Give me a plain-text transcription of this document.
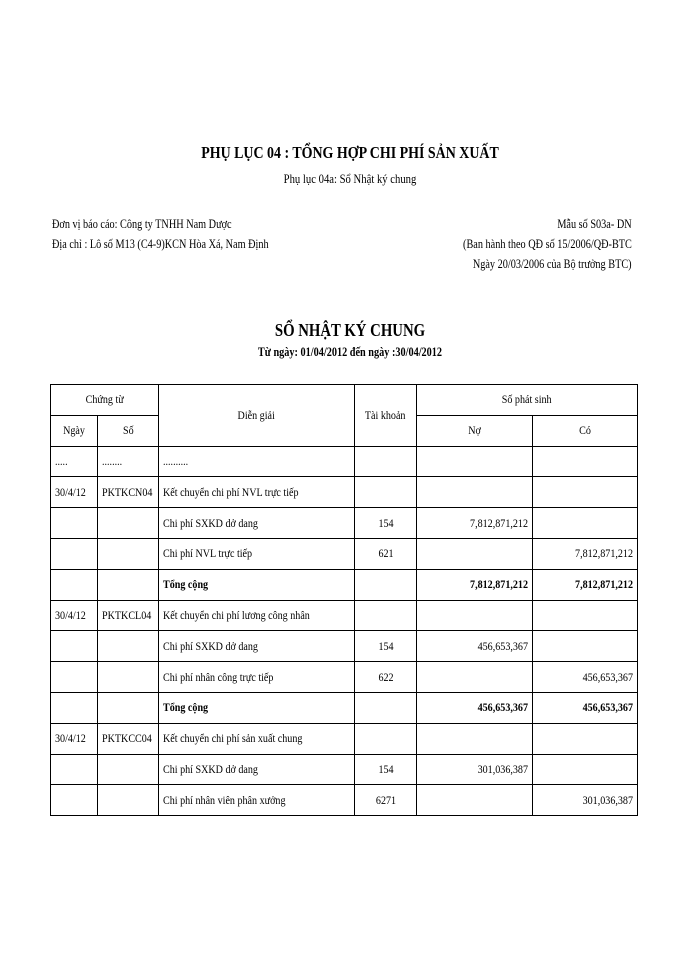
PHỤ LỤC 04 : TỔNG HỢP CHI PHÍ SẢN XUẤT
Phụ lục 04a: Sổ Nhật ký chung
Đơn vị báo cáo: Công ty TNHH Nam Dược
Địa chỉ : Lô số M13 (C4-9)KCN Hòa Xá, Nam Định
Mẫu số S03a- DN
(Ban hành theo QĐ số 15/2006/QĐ-BTC
Ngày 20/03/2006 của Bộ trưởng BTC)
SỔ NHẬT KÝ CHUNG
Từ ngày: 01/04/2012 đến ngày :30/04/2012
Chứng từ		Diễn giải	Tài khoản	Số phát sinh	
Ngày	Số			Nợ	Có
.....	........	..........			
30/4/12	PKTKCN04	Kết chuyển chi phí NVL trực tiếp			
		Chi phí SXKD dở dang	154	7,812,871,212	
		Chi phí NVL trực tiếp	621		7,812,871,212
		Tổng cộng		7,812,871,212	7,812,871,212
30/4/12	PKTKCL04	Kết chuyển chi phí lương công nhân			
		Chi phí SXKD dở dang	154	456,653,367	
		Chi phí nhân công trực tiếp	622		456,653,367
		Tổng cộng		456,653,367	456,653,367
30/4/12	PKTKCC04	Kết chuyển chi phí sản xuất chung			
		Chi phí SXKD dở dang	154	301,036,387	
		Chi phí nhân viên phân xưởng	6271		301,036,387
